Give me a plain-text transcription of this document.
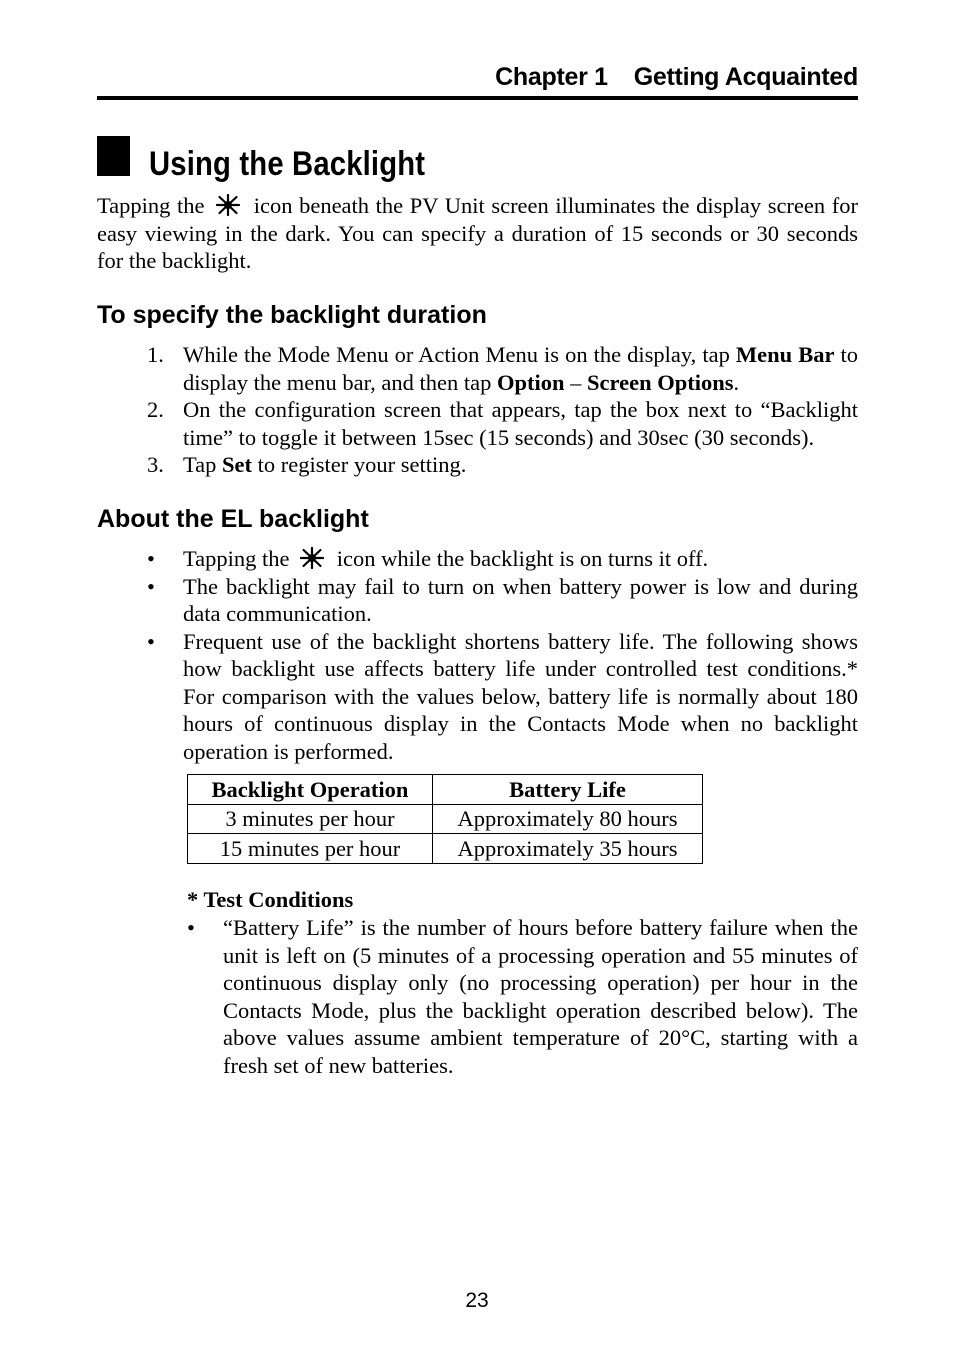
Chapter 1 Getting Acquainted
Using the Backlight

Tapping the icon beneath the PV Unit screen illuminates the display screen for easy viewing in the dark. You can specify a duration of 15 seconds or 30 seconds for the backlight.

To specify the backlight duration
1. While the Mode Menu or Action Menu is on the display, tap Menu Bar to display the menu bar, and then tap Option – Screen Options.
2. On the configuration screen that appears, tap the box next to “Backlight time” to toggle it between 15sec (15 seconds) and 30sec (30 seconds).
3. Tap Set to register your setting.
About the EL backlight
• Tapping the icon while the backlight is on turns it off.
• The backlight may fail to turn on when battery power is low and during data communication.
• Frequent use of the backlight shortens battery life. The following shows how backlight use affects battery life under controlled test conditions.* For comparison with the values below, battery life is normally about 180 hours of continuous display in the Contacts Mode when no backlight operation is performed.
Backlight Operation	Battery Life
3 minutes per hour	Approximately 80 hours
15 minutes per hour	Approximately 35 hours

* Test Conditions

• “Battery Life” is the number of hours before battery failure when the unit is left on (5 minutes of a processing operation and 55 minutes of continuous display only (no processing operation) per hour in the Contacts Mode, plus the backlight operation described below). The above values assume ambient temperature of 20°C, starting with a fresh set of new batteries.
23
